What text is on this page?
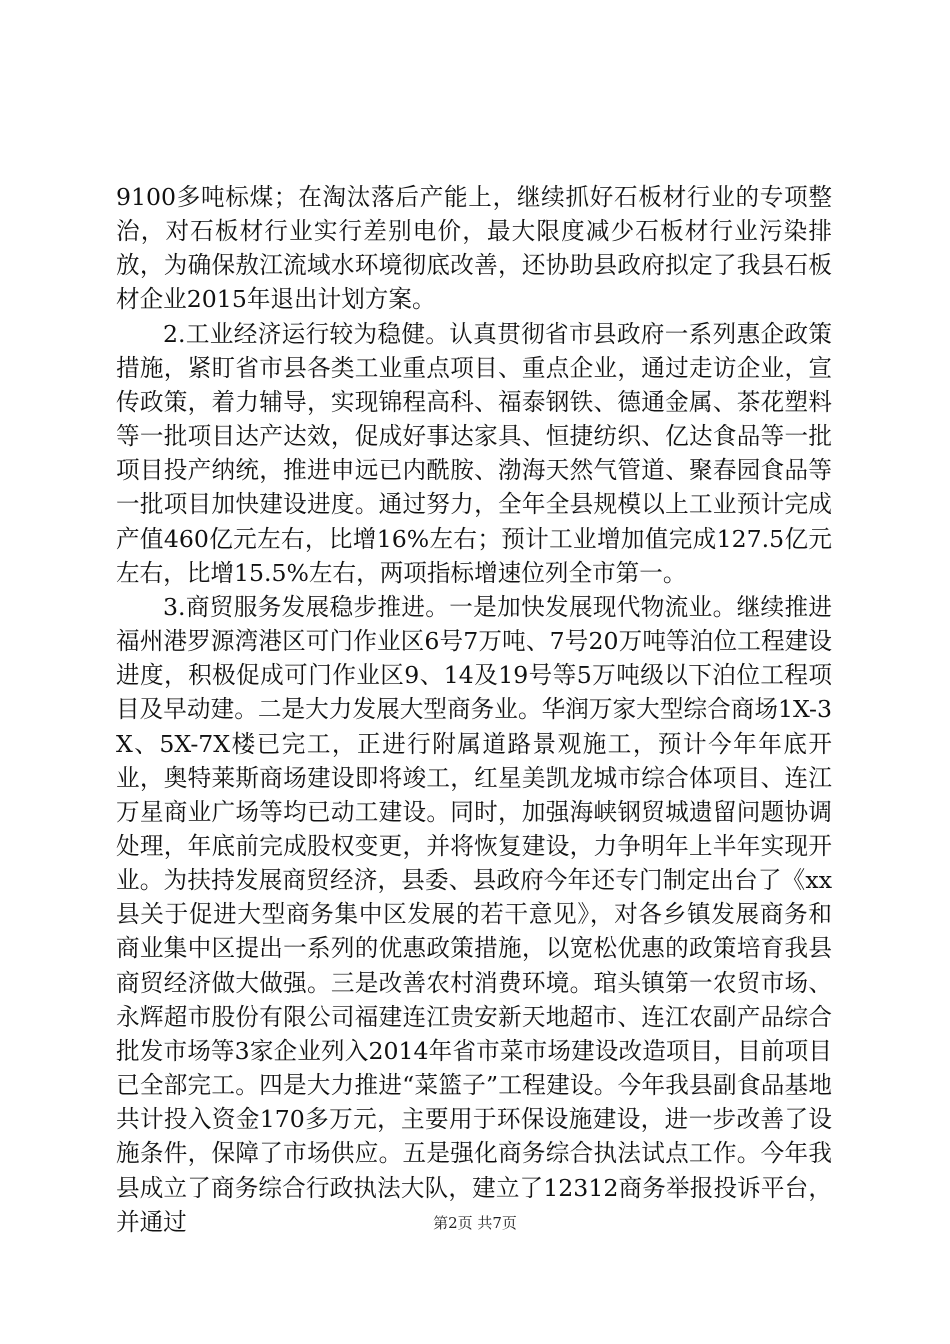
9100多吨标煤；在淘汰落后产能上，继续抓好石板材行业的专项整治，对石板材行业实行差别电价，最大限度减少石板材行业污染排放，为确保敖江流域水环境彻底改善，还协助县政府拟定了我县石板材企业2015年退出计划方案。

2.工业经济运行较为稳健。认真贯彻省市县政府一系列惠企政策措施，紧盯省市县各类工业重点项目、重点企业，通过走访企业，宣传政策，着力辅导，实现锦程高科、福泰钢铁、德通金属、茶花塑料等一批项目达产达效，促成好事达家具、恒捷纺织、亿达食品等一批项目投产纳统，推进申远已内酰胺、渤海天然气管道、聚春园食品等一批项目加快建设进度。通过努力，全年全县规模以上工业预计完成产值460亿元左右，比增16%左右；预计工业增加值完成127.5亿元左右，比增15.5%左右，两项指标增速位列全市第一。

3.商贸服务发展稳步推进。一是加快发展现代物流业。继续推进福州港罗源湾港区可门作业区6号7万吨、7号20万吨等泊位工程建设进度，积极促成可门作业区9、14及19号等5万吨级以下泊位工程项目及早动建。二是大力发展大型商务业。华润万家大型综合商场1X-3X、5X-7X楼已完工，正进行附属道路景观施工，预计今年年底开业，奥特莱斯商场建设即将竣工，红星美凯龙城市综合体项目、连江万星商业广场等均已动工建设。同时，加强海峡钢贸城遗留问题协调处理，年底前完成股权变更，并将恢复建设，力争明年上半年实现开业。为扶持发展商贸经济，县委、县政府今年还专门制定出台了《xx县关于促进大型商务集中区发展的若干意见》，对各乡镇发展商务和商业集中区提出一系列的优惠政策措施，以宽松优惠的政策培育我县商贸经济做大做强。三是改善农村消费环境。琯头镇第一农贸市场、永辉超市股份有限公司福建连江贵安新天地超市、连江农副产品综合批发市场等3家企业列入2014年省市菜市场建设改造项目，目前项目已全部完工。四是大力推进“菜篮子”工程建设。今年我县副食品基地共计投入资金170多万元，主要用于环保设施建设，进一步改善了设施条件，保障了市场供应。五是强化商务综合执法试点工作。今年我县成立了商务综合行政执法大队，建立了12312商务举报投诉平台，并通过	第2页 共7页
